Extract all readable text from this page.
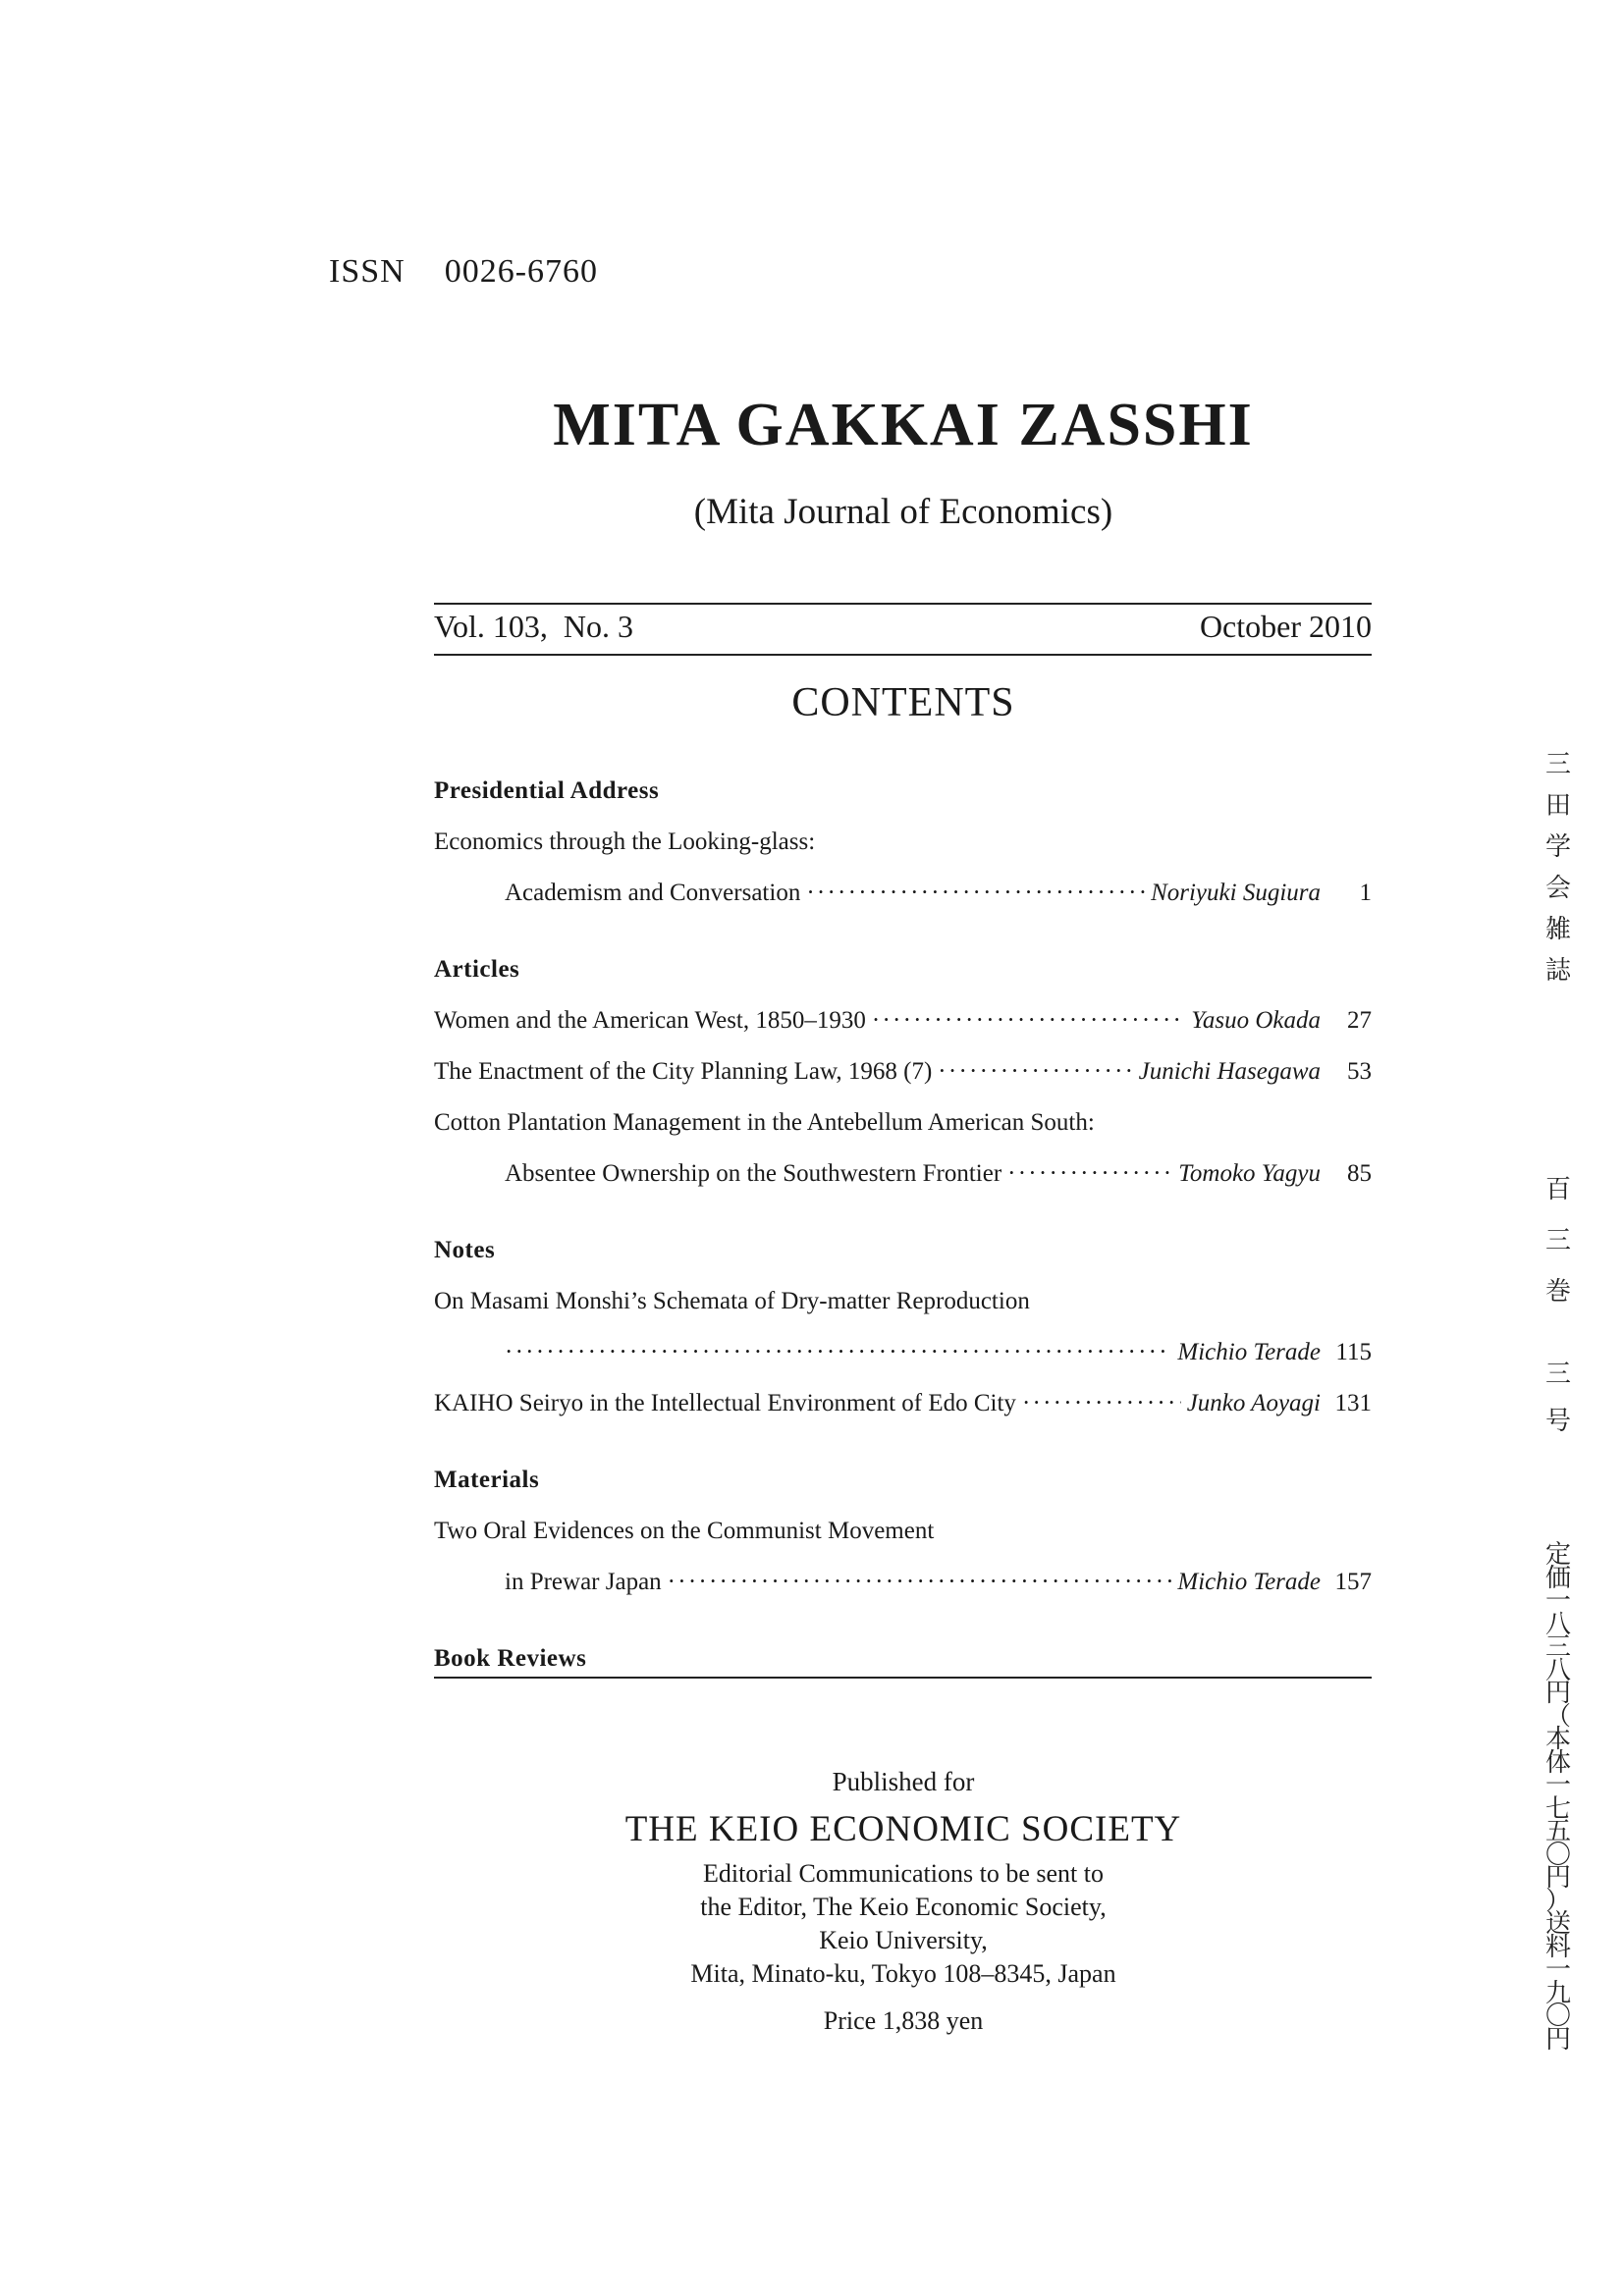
ISSN 0026-6760
MITA GAKKAI ZASSHI
(Mita Journal of Economics)
Vol. 103,  No. 3	October 2010
CONTENTS
Presidential Address
Economics through the Looking-glass:
Academism and Conversation · · ·	Noriyuki Sugiura	1
Articles
Women and the American West, 1850–1930 · · ·	Yasuo Okada	27
The Enactment of the City Planning Law, 1968 (7) · · ·	Junichi Hasegawa	53
Cotton Plantation Management in the Antebellum American South:
Absentee Ownership on the Southwestern Frontier · · ·	Tomoko Yagyu	85
Notes
On Masami Monshi’s Schemata of Dry-matter Reproduction
· · ·
Michio Terade 115
KAIHO Seiryo in the Intellectual Environment of Edo City · · ·	Junko Aoyagi 131
Materials
Two Oral Evidences on the Communist Movement
in Prewar Japan · · ·	Michio Terade 157
Book Reviews
Published for
THE KEIO ECONOMIC SOCIETY
Editorial Communications to be sent to
the Editor, The Keio Economic Society,
Keio University,
Mita, Minato-ku, Tokyo 108–8345, Japan
Price 1,838 yen
三
田
学
会
雑
誌
百
三
巻
三
号
定
価
一
八
三
八
円
（
本
体
一
七
五
〇
円
）
送
料
一
九
〇
円
